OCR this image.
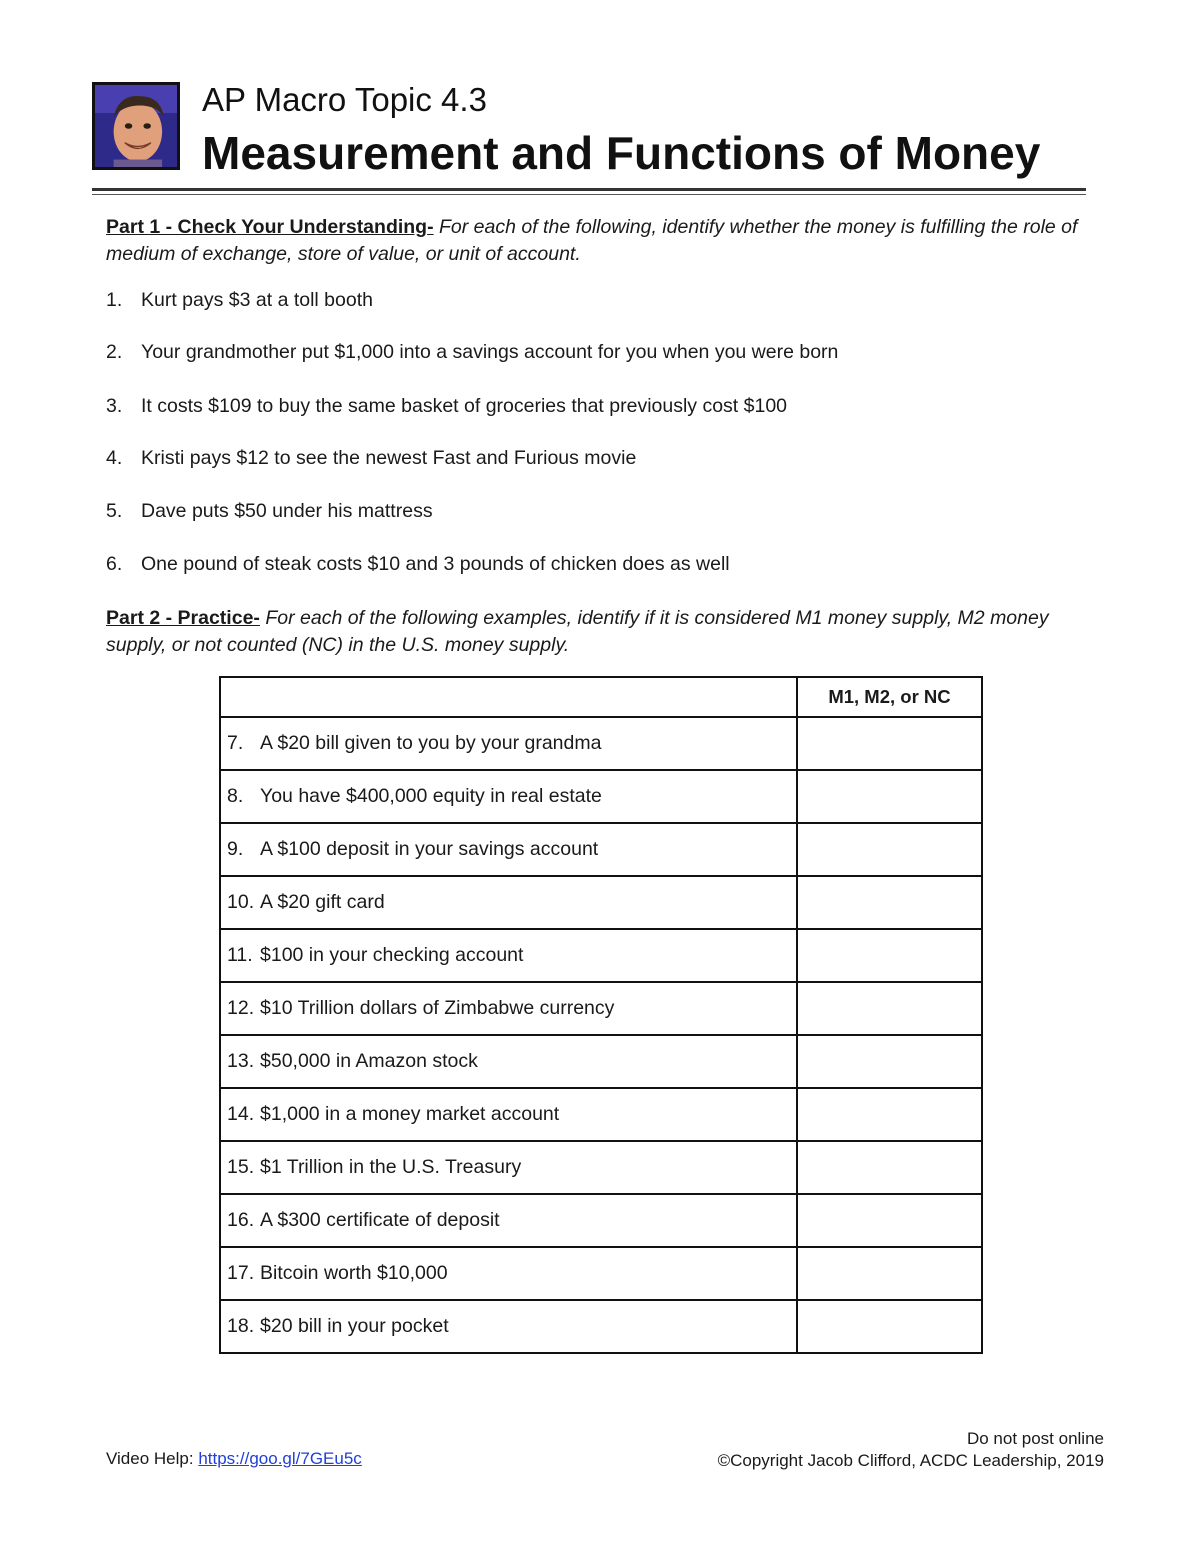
AP Macro Topic 4.3
Measurement and Functions of Money
Part 1 - Check Your Understanding- For each of the following, identify whether the money is fulfilling the role of medium of exchange, store of value, or unit of account.
1. Kurt pays $3 at a toll booth
2. Your grandmother put $1,000 into a savings account for you when you were born
3. It costs $109 to buy the same basket of groceries that previously cost $100
4. Kristi pays $12 to see the newest Fast and Furious movie
5. Dave puts $50 under his mattress
6. One pound of steak costs $10 and 3 pounds of chicken does as well
Part 2 - Practice- For each of the following examples, identify if it is considered M1 money supply, M2 money supply, or not counted (NC) in the U.S. money supply.
	M1, M2, or NC
7. A $20 bill given to you by your grandma	
8. You have $400,000 equity in real estate	
9. A $100 deposit in your savings account	
10. A $20 gift card	
11. $100 in your checking account	
12. $10 Trillion dollars of Zimbabwe currency	
13. $50,000 in Amazon stock	
14. $1,000 in a money market account	
15. $1 Trillion in the U.S. Treasury	
16. A $300 certificate of deposit	
17. Bitcoin worth $10,000	
18. $20 bill in your pocket	
Video Help: https://goo.gl/7GEu5c
Do not post online
©Copyright Jacob Clifford, ACDC Leadership, 2019
